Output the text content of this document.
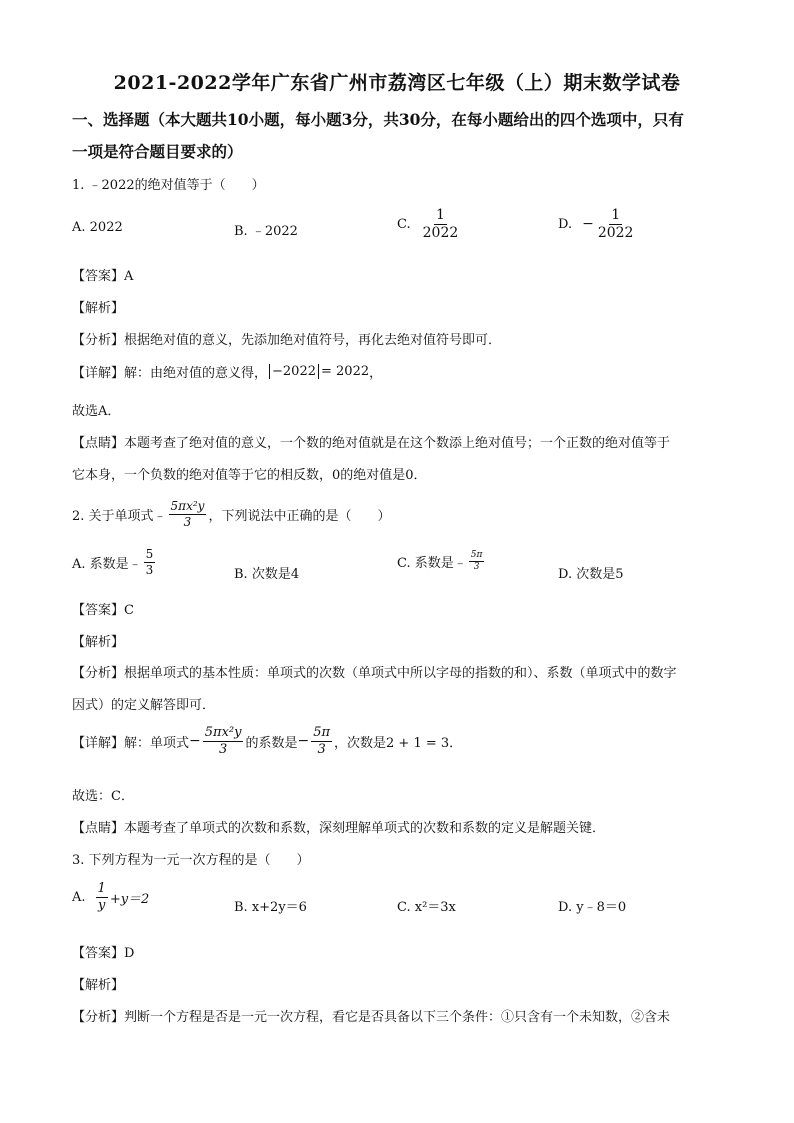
2021-2022学年广东省广州市荔湾区七年级（上）期末数学试卷
一、选择题（本大题共10小题，每小题3分，共30分，在每小题给出的四个选项中，只有
一项是符合题目要求的）
1. ﹣2022的绝对值等于（　　）
A. 2022	B. ﹣2022	C. $\frac{1}{2022}$	D. − $\frac{1}{2022}$
【答案】A
【解析】
【分析】根据绝对值的意义，先添加绝对值符号，再化去绝对值符号即可．
【详解】解：由绝对值的意义得， −2022 = 2022 ，
故选A．
【点睛】本题考查了绝对值的意义，一个数的绝对值就是在这个数添上绝对值号；一个正数的绝对值等于
它本身，一个负数的绝对值等于它的相反数，0的绝对值是0．
2. 关于单项式﹣ $\frac{\text{5πx²y}}{3}$ ，下列说法中正确的是（　　）
A. 系数是﹣ $\frac{5}{3}$	B. 次数是4
C. 系数是﹣ $\frac{5\pi}{3}$
D. 次数是5
【答案】C
【解析】
【分析】根据单项式的基本性质：单项式的次数（单项式中所以字母的指数的和）、系数（单项式中的数字
因式）的定义解答即可．
【详解】解：单项式 − $\frac{\text{5πx²y}}{3}$ 的系数是 − $\frac{5\pi}{3}$ ，次数是2 + 1 = 3．
故选：C．
【点睛】本题考查了单项式的次数和系数，深刻理解单项式的次数和系数的定义是解题关键．
3. 下列方程为一元一次方程的是（　　）
A. $\frac{1}{y} +y=2$
B. x+2y＝6	C. x²＝3x	D. y﹣8＝0
【答案】D
【解析】
【分析】判断一个方程是否是一元一次方程，看它是否具备以下三个条件：①只含有一个未知数，②含未
